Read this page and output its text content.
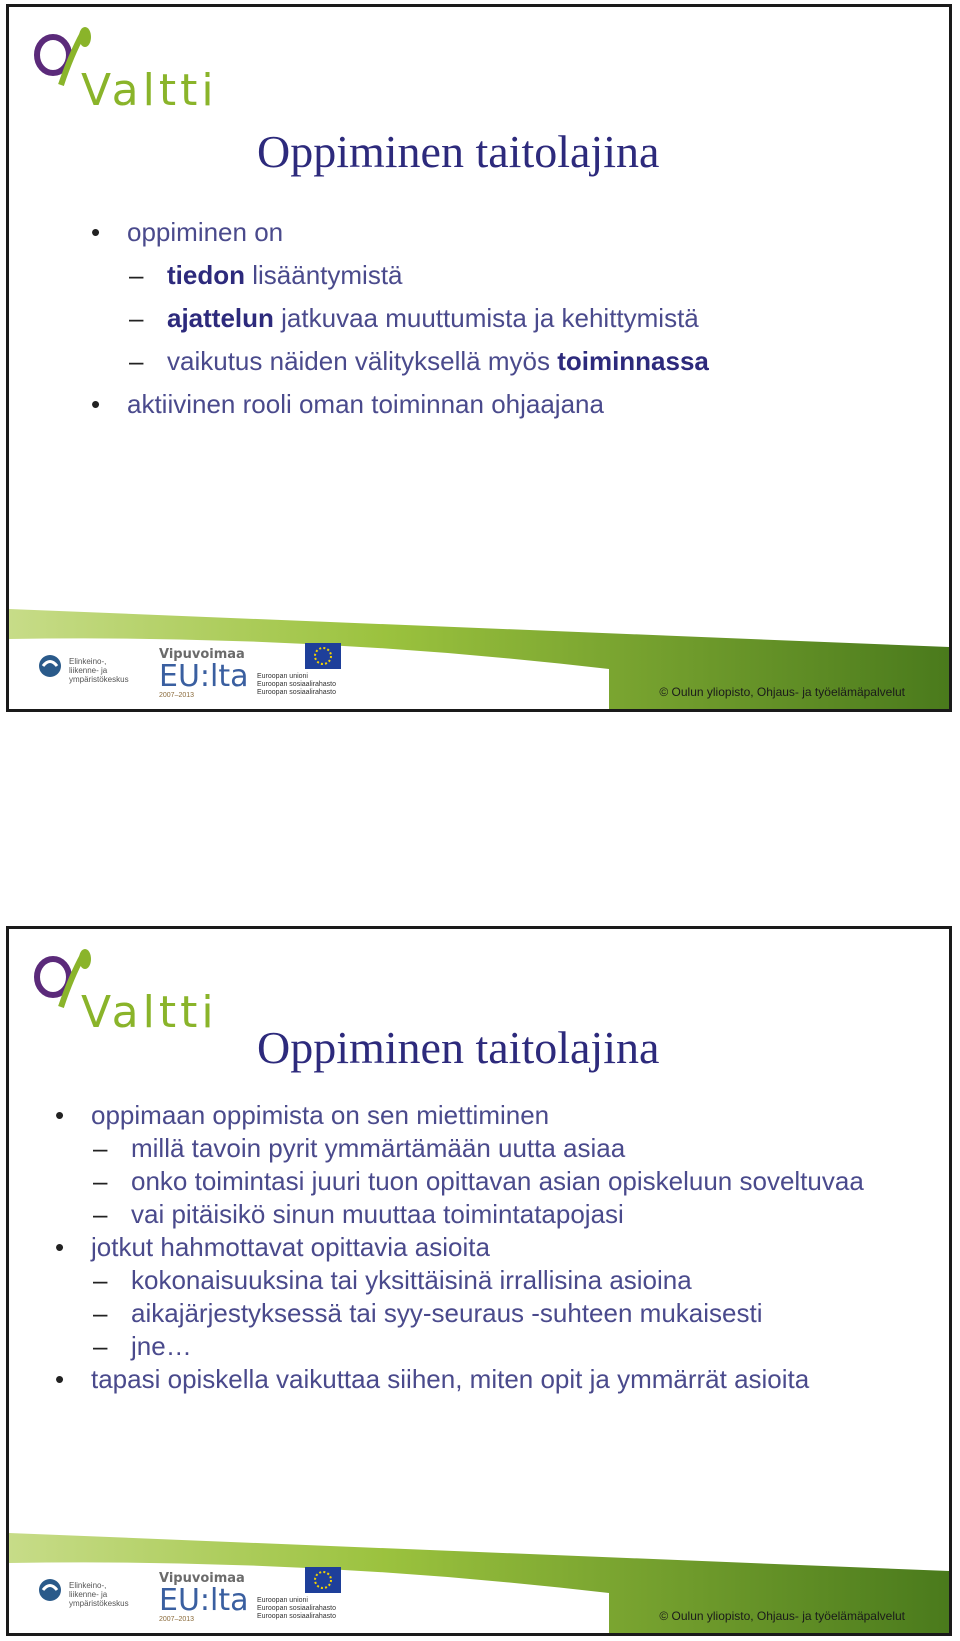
Valtti
Oppiminen taitolajina
• oppiminen on
– tiedon lisääntymistä
– ajattelun jatkuvaa muuttumista ja kehittymistä
– vaikutus näiden välityksellä myös toiminnassa
• aktiivinen rooli oman toiminnan ohjaajana
Elinkeino-, liikenne- ja ympäristökeskus
Vipuvoimaa
EU:lta
2007–2013
Euroopan unioni
Euroopan sosiaalirahasto
Euroopan sosiaalirahasto	© Oulun yliopisto, Ohjaus- ja työelämäpalvelut
Valtti
Oppiminen taitolajina
• oppimaan oppimista on sen miettiminen
– millä tavoin pyrit ymmärtämään uutta asiaa
– onko toimintasi juuri tuon opittavan asian opiskeluun soveltuvaa
– vai pitäisikö sinun muuttaa toimintatapojasi
• jotkut hahmottavat opittavia asioita
– kokonaisuuksina tai yksittäisinä irrallisina asioina
– aikajärjestyksessä tai syy-seuraus -suhteen mukaisesti
– jne…
• tapasi opiskella vaikuttaa siihen, miten opit ja ymmärrät asioita
Elinkeino-, liikenne- ja ympäristökeskus
Vipuvoimaa
EU:lta
2007–2013
Euroopan unioni
Euroopan sosiaalirahasto
Euroopan sosiaalirahasto	© Oulun yliopisto, Ohjaus- ja työelämäpalvelut
